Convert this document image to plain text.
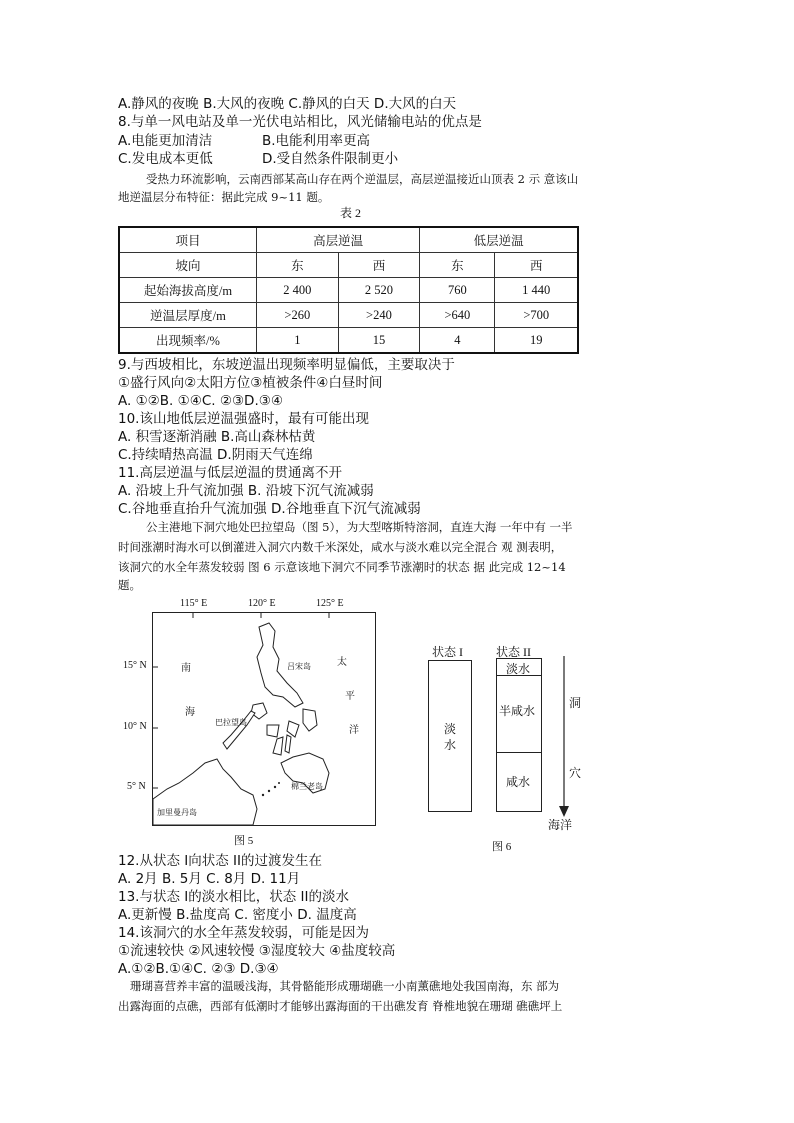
A.静风的夜晚 B.大风的夜晚 C.静风的白天 D.大风的白天
8.与单一风电站及单一光伏电站相比，风光储输电站的优点是
A.电能更加清洁	B.电能利用率更高
C.发电成本更低	D.受自然条件限制更小
受热力环流影响，云南西部某高山存在两个逆温层，高层逆温接近山顶表 2 示 意该山
地逆温层分布特征：据此完成 9~11 题。
表 2
项目	高层逆温		低层逆温	
坡向	东	西	东	西
起始海拔高度/m	2 400	2 520	760	1 440
逆温层厚度/m	>260	>240	>640	>700
出现频率/%	1	15	4	19
9.与西坡相比，东坡逆温出现频率明显偏低，主要取决于
①盛行风向②太阳方位③植被条件④白昼时间
A. ①②B. ①④C. ②③D.③④
10.该山地低层逆温强盛时，最有可能出现
A. 积雪逐渐消融 B.高山森林枯黄
C.持续晴热高温 D.阴雨天气连绵
11.高层逆温与低层逆温的贯通离不开
A. 沿坡上升气流加强 B. 沿坡下沉气流减弱
C.谷地垂直抬升气流加强 D.谷地垂直下沉气流减弱
公主港地下洞穴地处巴拉望岛（图 5），为大型喀斯特溶洞，直连大海 一年中有 一半
时间涨潮时海水可以倒灌进入洞穴内数千米深处，咸水与淡水难以完全混合 观 测表明，
该洞穴的水全年蒸发较弱 图 6 示意该地下洞穴不同季节涨潮时的状态 据 此完成 12~14
题。
115° E	120° E	125° E
15° N
10° N
5° N
南
海
太
平
洋
吕宋岛
巴拉望岛
棉兰老岛
加里曼丹岛
图 5
状态 I	状态 II
淡水
淡水
半咸水
咸水
洞
穴
海洋
图 6
12.从状态 I向状态 II的过渡发生在
A. 2月 B. 5月 C. 8月 D. 11月
13.与状态 I的淡水相比，状态 II的淡水
A.更新慢 B.盐度高 C. 密度小 D. 温度高
14.该洞穴的水全年蒸发较弱，可能是因为
①流速较快 ②风速较慢 ③湿度较大 ④盐度较高
A.①②B.①④C. ②③ D.③④
珊瑚喜营养丰富的温暖浅海，其骨骼能形成珊瑚礁一小南薰礁地处我国南海，东 部为
出露海面的点礁，西部有低潮时才能够出露海面的干出礁发育 脊椎地貌在珊瑚 礁礁坪上
